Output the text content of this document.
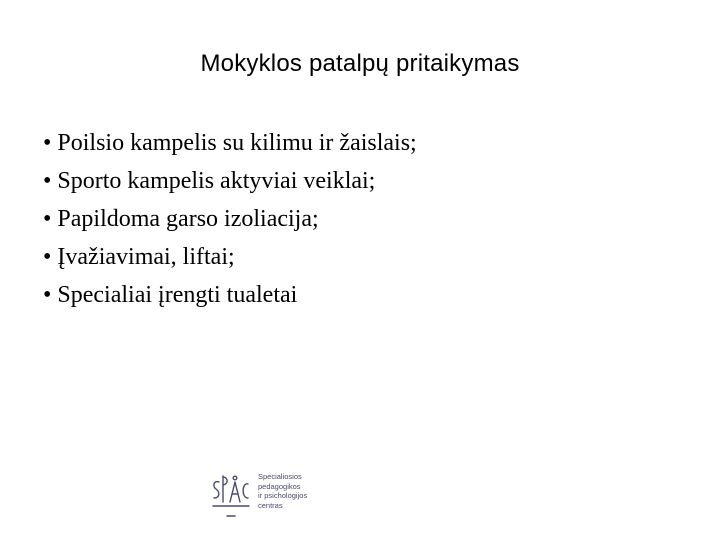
Mokyklos patalpų pritaikymas
• Poilsio kampelis su kilimu ir žaislais;
• Sporto kampelis aktyviai veiklai;
• Papildoma garso izoliacija;
• Įvažiavimai, liftai;
• Specialiai įrengti tualetai
Specialiosios
pedagogikos
ir psichologijos
centras
